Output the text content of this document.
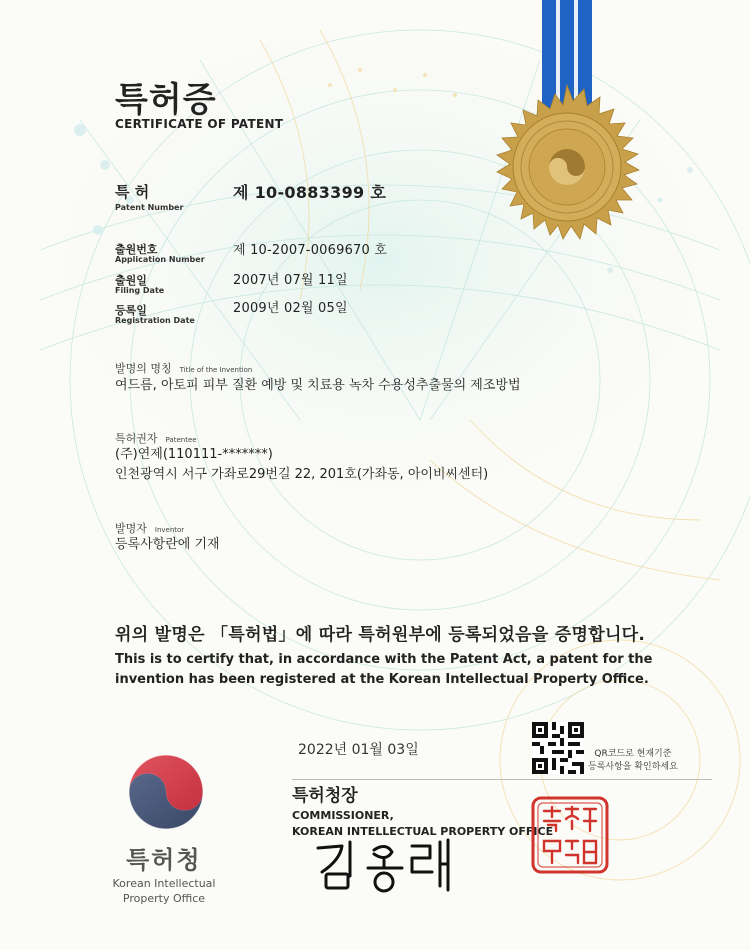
특허증
CERTIFICATE OF PATENT
특 허
Patent Number
제 10-0883399 호
출원번호
Application Number
제 10-2007-0069670 호
출원일
Filing Date
2007년 07월 11일
등록일
Registration Date
2009년 02월 05일
발명의 명칭 Title of the Invention
여드름, 아토피 피부 질환 예방 및 치료용 녹차 수용성추출물의 제조방법
특허권자 Patentee
(주)연제(110111-*******)
인천광역시 서구 가좌로29번길 22, 201호(가좌동, 아이비씨센터)
발명자 Inventor
등록사항란에 기재
위의 발명은 「특허법」에 따라 특허원부에 등록되었음을 증명합니다.
This is to certify that, in accordance with the Patent Act, a patent for the
invention has been registered at the Korean Intellectual Property Office.
2022년 01월 03일
특허청장
COMMISSIONER,
KOREAN INTELLECTUAL PROPERTY OFFICE
QR코드로 현재기준
등록사항을 확인하세요
특허청
Korean Intellectual
Property Office
